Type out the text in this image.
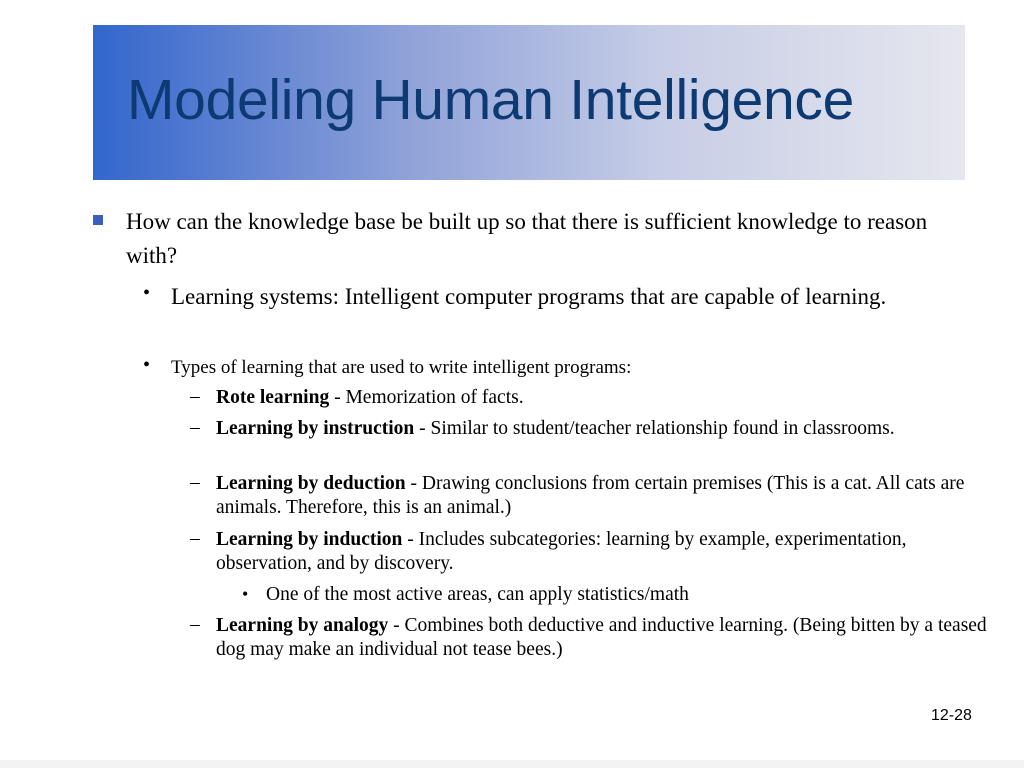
Modeling Human Intelligence
How can the knowledge base be built up so that there is sufficient knowledge to reason with?
• Learning systems: Intelligent computer programs that are capable of learning.
• Types of learning that are used to write intelligent programs:
– Rote learning - Memorization of facts.
– Learning by instruction - Similar to student/teacher relationship found in classrooms.
– Learning by deduction - Drawing conclusions from certain premises (This is a cat. All cats are animals. Therefore, this is an animal.)
– Learning by induction - Includes subcategories: learning by example, experimentation, observation, and by discovery.
• One of the most active areas, can apply statistics/math
– Learning by analogy - Combines both deductive and inductive learning. (Being bitten by a teased dog may make an individual not tease bees.)
12-28
